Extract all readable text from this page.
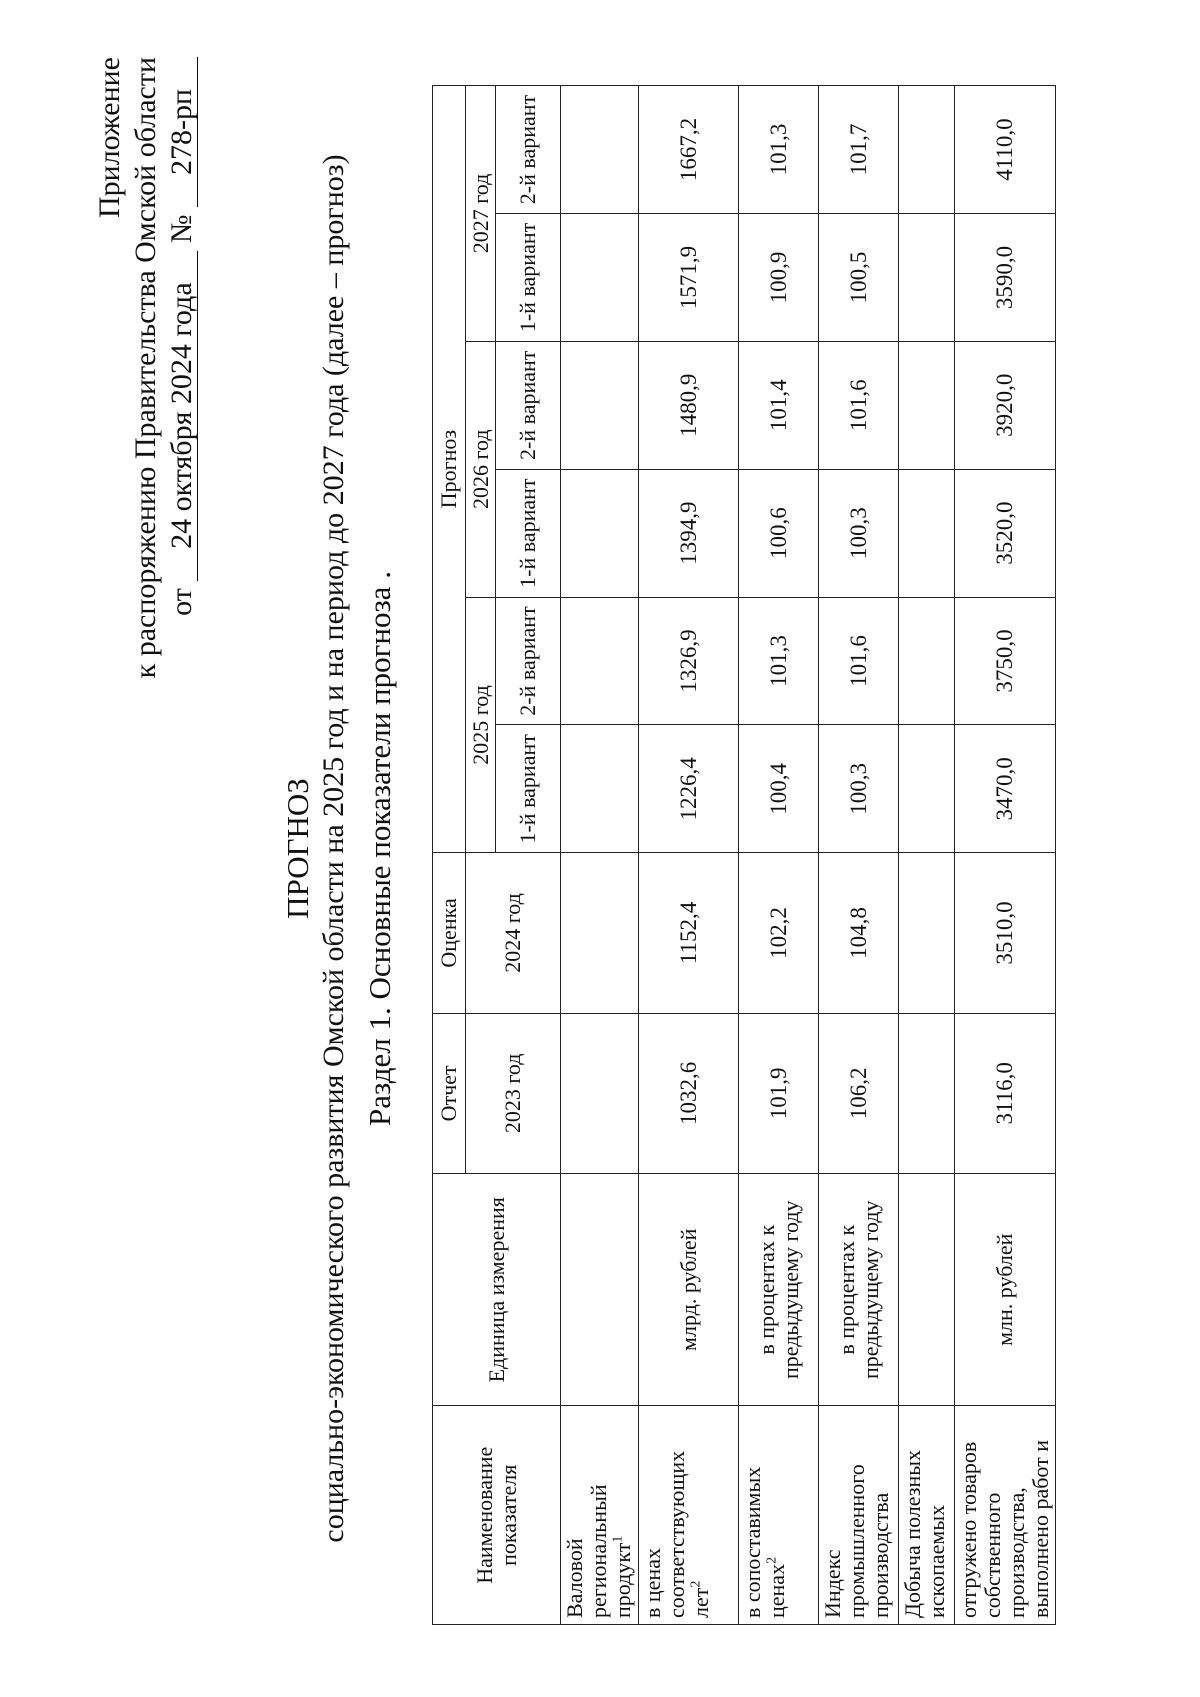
Приложение к распоряжению Правительства Омской области от 24 октября 2024 года № 278-рп
ПРОГНОЗ социально-экономического развития Омской области на 2025 год и на период до 2027 года (далее – прогноз) Раздел 1. Основные показатели прогноза .
Наименование показателя	Единица измерения	Отчет	Оценка	Прогноз					
		2023 год	2024 год	2025 год		2026 год		2027 год	
				1-й вариант	2-й вариант	1-й вариант	2-й вариант	1-й вариант	2-й вариант
Валовой региональный продукт$^1$									
в ценах соответствующих лет$^2$	млрд. рублей	1032,6	1152,4	1226,4	1326,9	1394,9	1480,9	1571,9	1667,2
в сопоставимых ценах$^2$	в процентах к предыдущему году	101,9	102,2	100,4	101,3	100,6	101,4	100,9	101,3
Индекс промышленного производства	в процентах к предыдущему году	106,2	104,8	100,3	101,6	100,3	101,6	100,5	101,7
Добыча полезных ископаемых									
отгружено товаров собственного производства, выполнено работ и	млн. рублей	3116,0	3510,0	3470,0	3750,0	3520,0	3920,0	3590,0	4110,0
